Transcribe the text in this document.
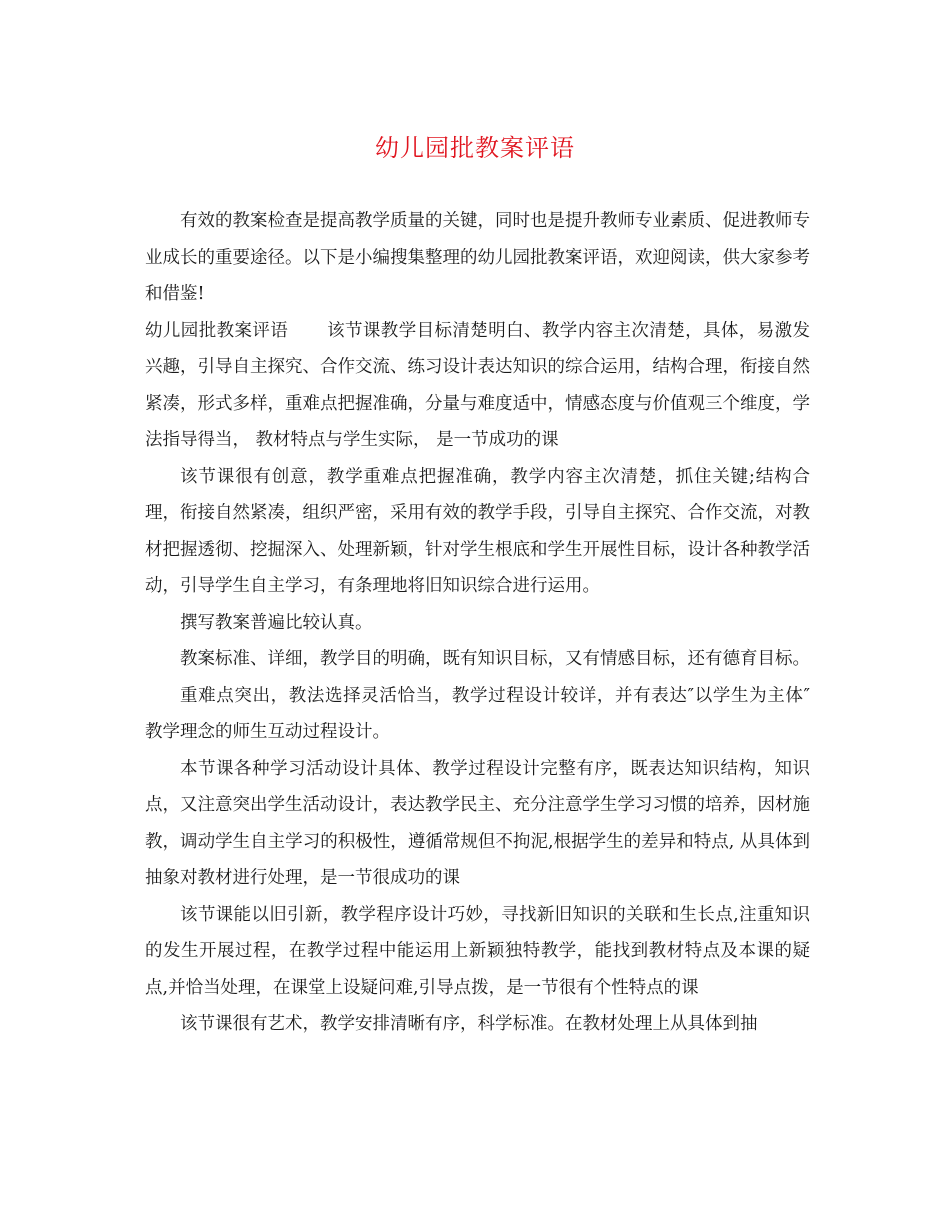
幼儿园批教案评语

有效的教案检查是提高教学质量的关键，同时也是提升教师专业素质、促进教师专业成长的重要途径。以下是小编搜集整理的幼儿园批教案评语，欢迎阅读，供大家参考和借鉴!

幼儿园批教案评语 该节课教学目标清楚明白、教学内容主次清楚，具体，易激发兴趣，引导自主探究、合作交流、练习设计表达知识的综合运用，结构合理，衔接自然紧凑，形式多样，重难点把握准确，分量与难度适中，情感态度与价值观三个维度，学法指导得当， 教材特点与学生实际， 是一节成功的课

该节课很有创意，教学重难点把握准确，教学内容主次清楚，抓住关键;结构合理，衔接自然紧凑，组织严密，采用有效的教学手段，引导自主探究、合作交流，对教材把握透彻、挖掘深入、处理新颖，针对学生根底和学生开展性目标，设计各种教学活动，引导学生自主学习，有条理地将旧知识综合进行运用。

撰写教案普遍比较认真。

教案标准、详细，教学目的明确，既有知识目标，又有情感目标，还有德育目标。

重难点突出，教法选择灵活恰当，教学过程设计较详，并有表达″以学生为主体″ 教学理念的师生互动过程设计。

本节课各种学习活动设计具体、教学过程设计完整有序，既表达知识结构，知识点，又注意突出学生活动设计，表达教学民主、充分注意学生学习习惯的培养，因材施教，调动学生自主学习的积极性，遵循常规但不拘泥,根据学生的差异和特点, 从具体到抽象对教材进行处理，是一节很成功的课

该节课能以旧引新，教学程序设计巧妙，寻找新旧知识的关联和生长点,注重知识的发生开展过程，在教学过程中能运用上新颖独特教学，能找到教材特点及本课的疑点,并恰当处理，在课堂上设疑问难,引导点拨，是一节很有个性特点的课

该节课很有艺术，教学安排清晰有序，科学标准。在教材处理上从具体到抽
